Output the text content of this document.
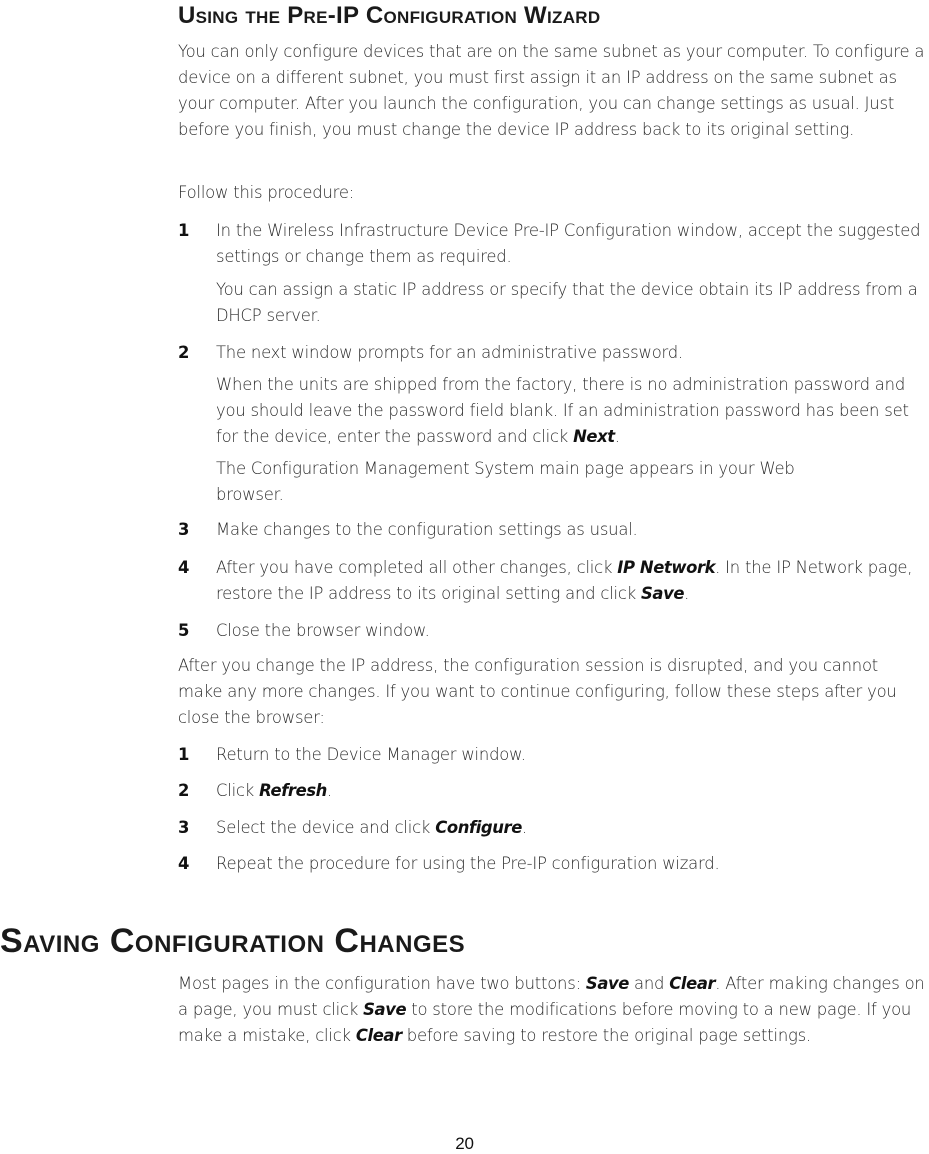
Using the Pre-IP Configuration Wizard
You can only configure devices that are on the same subnet as your computer. To configure a device on a different subnet, you must first assign it an IP address on the same subnet as your computer. After you launch the configuration, you can change settings as usual. Just before you finish, you must change the device IP address back to its original setting.
Follow this procedure:
1 In the Wireless Infrastructure Device Pre-IP Configuration window, accept the suggested settings or change them as required.
You can assign a static IP address or specify that the device obtain its IP address from a DHCP server.
2 The next window prompts for an administrative password.
When the units are shipped from the factory, there is no administration password and you should leave the password field blank. If an administration password has been set for the device, enter the password and click Next.
The Configuration Management System main page appears in your Web browser.
3 Make changes to the configuration settings as usual.
4 After you have completed all other changes, click IP Network. In the IP Network page, restore the IP address to its original setting and click Save.
5 Close the browser window.
After you change the IP address, the configuration session is disrupted, and you cannot make any more changes. If you want to continue configuring, follow these steps after you close the browser:
1 Return to the Device Manager window.
2 Click Refresh.
3 Select the device and click Configure.
4 Repeat the procedure for using the Pre-IP configuration wizard.
Saving Configuration Changes
Most pages in the configuration have two buttons: Save and Clear. After making changes on a page, you must click Save to store the modifications before moving to a new page. If you make a mistake, click Clear before saving to restore the original page settings.
20
